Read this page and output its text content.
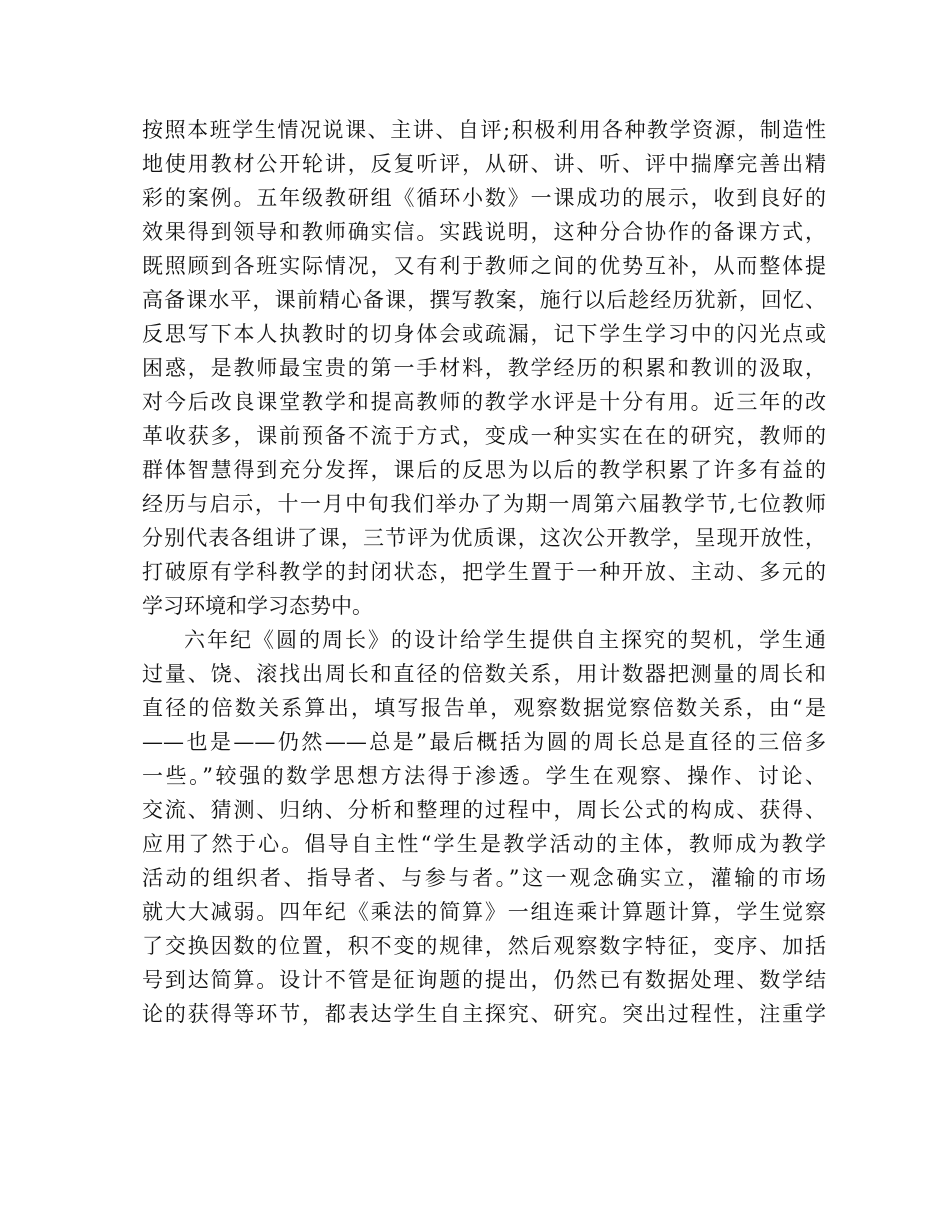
按照本班学生情况说课、主讲、自评;积极利用各种教学资源，制造性
地使用教材公开轮讲，反复听评，从研、讲、听、评中揣摩完善出精
彩的案例。五年级教研组《循环小数》一课成功的展示，收到良好的
效果得到领导和教师确实信。实践说明，这种分合协作的备课方式，
既照顾到各班实际情况，又有利于教师之间的优势互补，从而整体提
高备课水平，课前精心备课，撰写教案，施行以后趁经历犹新，回忆、
反思写下本人执教时的切身体会或疏漏，记下学生学习中的闪光点或
困惑，是教师最宝贵的第一手材料，教学经历的积累和教训的汲取，
对今后改良课堂教学和提高教师的教学水评是十分有用。近三年的改
革收获多，课前预备不流于方式，变成一种实实在在的研究，教师的
群体智慧得到充分发挥，课后的反思为以后的教学积累了许多有益的
经历与启示，十一月中旬我们举办了为期一周第六届教学节,七位教师
分别代表各组讲了课，三节评为优质课，这次公开教学，呈现开放性，
打破原有学科教学的封闭状态，把学生置于一种开放、主动、多元的
学习环境和学习态势中。
六年纪《圆的周长》的设计给学生提供自主探究的契机，学生通
过量、饶、滚找出周长和直径的倍数关系，用计数器把测量的周长和
直径的倍数关系算出，填写报告单，观察数据觉察倍数关系，由“是
——也是——仍然——总是”最后概括为圆的周长总是直径的三倍多
一些。”较强的数学思想方法得于渗透。学生在观察、操作、讨论、
交流、猜测、归纳、分析和整理的过程中，周长公式的构成、获得、
应用了然于心。倡导自主性“学生是教学活动的主体，教师成为教学
活动的组织者、指导者、与参与者。”这一观念确实立，灌输的市场
就大大减弱。四年纪《乘法的简算》一组连乘计算题计算，学生觉察
了交换因数的位置，积不变的规律，然后观察数字特征，变序、加括
号到达简算。设计不管是征询题的提出，仍然已有数据处理、数学结
论的获得等环节，都表达学生自主探究、研究。突出过程性，注重学
